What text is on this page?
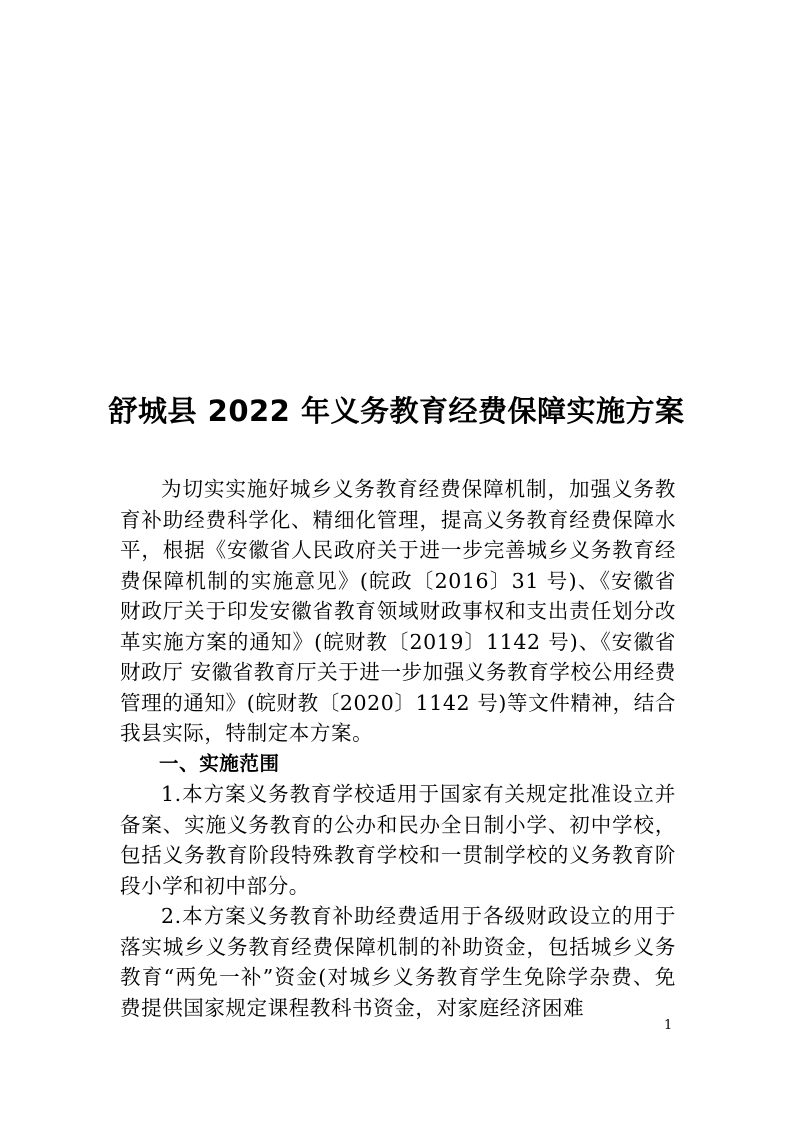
舒城县 2022 年义务教育经费保障实施方案

为切实实施好城乡义务教育经费保障机制，加强义务教育补助经费科学化、精细化管理，提高义务教育经费保障水平，根据《安徽省人民政府关于进一步完善城乡义务教育经费保障机制的实施意见》(皖政〔2016〕31 号)、《安徽省财政厅关于印发安徽省教育领域财政事权和支出责任划分改革实施方案的通知》(皖财教〔2019〕1142 号)、《安徽省财政厅 安徽省教育厅关于进一步加强义务教育学校公用经费管理的通知》(皖财教〔2020〕1142 号)等文件精神，结合我县实际，特制定本方案。

一、实施范围

1.本方案义务教育学校适用于国家有关规定批准设立并备案、实施义务教育的公办和民办全日制小学、初中学校，包括义务教育阶段特殊教育学校和一贯制学校的义务教育阶段小学和初中部分。

2.本方案义务教育补助经费适用于各级财政设立的用于落实城乡义务教育经费保障机制的补助资金，包括城乡义务教育“两免一补”资金(对城乡义务教育学生免除学杂费、免费提供国家规定课程教科书资金，对家庭经济困难

1
